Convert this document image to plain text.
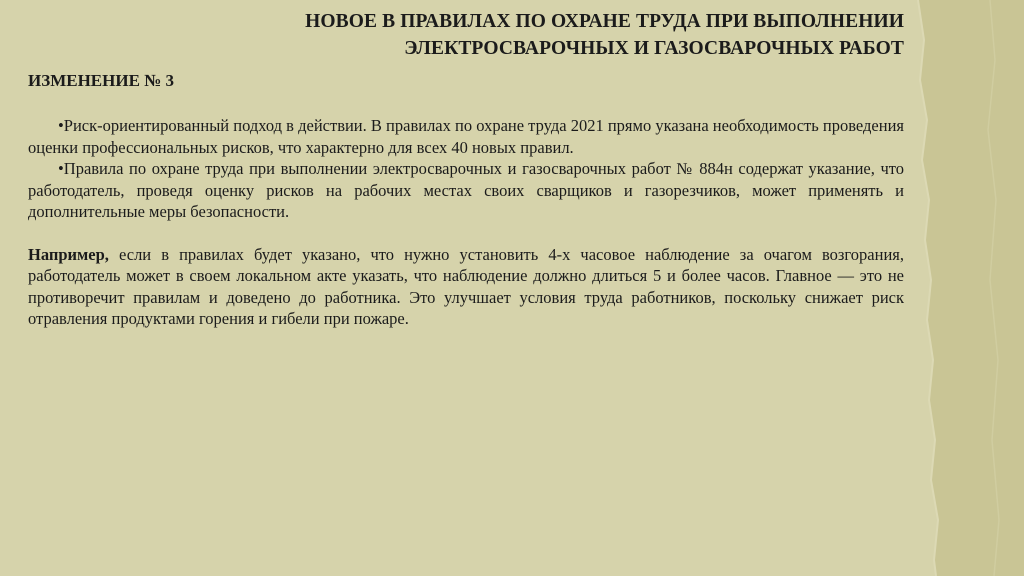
НОВОЕ В ПРАВИЛАХ ПО ОХРАНЕ ТРУДА ПРИ ВЫПОЛНЕНИИ
ЭЛЕКТРОСВАРОЧНЫХ И ГАЗОСВАРОЧНЫХ РАБОТ
ИЗМЕНЕНИЕ № 3

•Риск-ориентированный подход в действии. В правилах по охране труда 2021 прямо указана необходимость проведения оценки профессиональных рисков, что характерно для всех 40 новых правил.

•Правила по охране труда при выполнении электросварочных и газосварочных работ № 884н содержат указание, что работодатель, проведя оценку рисков на рабочих местах своих сварщиков и газорезчиков, может применять и дополнительные меры безопасности.

Например, если в правилах будет указано, что нужно установить 4-х часовое наблюдение за очагом возгорания, работодатель может в своем локальном акте указать, что наблюдение должно длиться 5 и более часов. Главное — это не противоречит правилам и доведено до работника. Это улучшает условия труда работников, поскольку снижает риск отравления продуктами горения и гибели при пожаре.
